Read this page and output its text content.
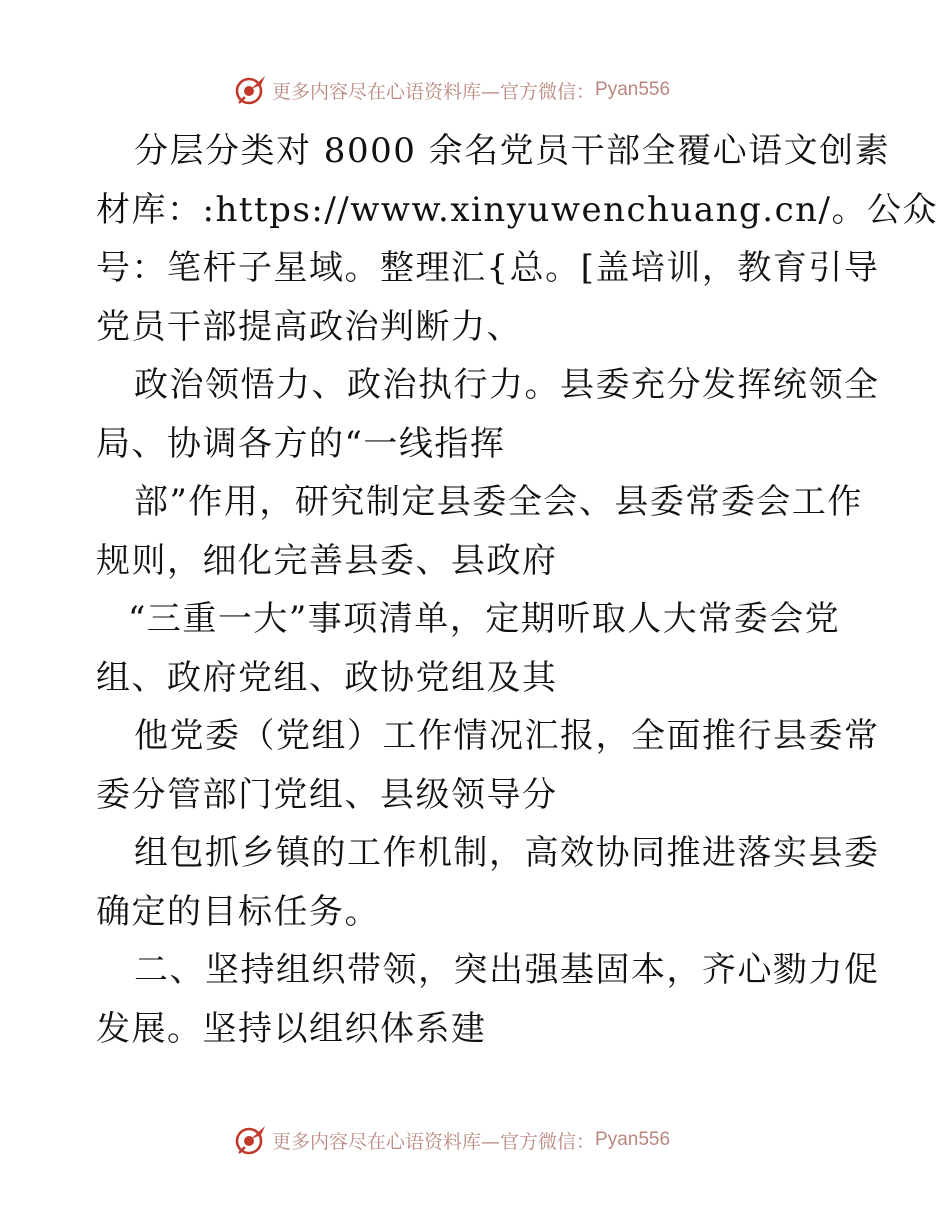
更多内容尽在心语资料库—官方微信： Pyan556
分层分类对 8000 余名党员干部全覆心语文创素
材库：:https://www.xinyuwenchuang.cn/。公众
号：笔杆子星域。整理汇{总。[盖培训，教育引导
党员干部提高政治判断力、
政治领悟力、政治执行力。县委充分发挥统领全
局、协调各方的“一线指挥
部”作用，研究制定县委全会、县委常委会工作
规则，细化完善县委、县政府
“三重一大”事项清单，定期听取人大常委会党
组、政府党组、政协党组及其
他党委（党组）工作情况汇报，全面推行县委常
委分管部门党组、县级领导分
组包抓乡镇的工作机制，高效协同推进落实县委
确定的目标任务。
二、坚持组织带领，突出强基固本，齐心勠力促
发展。坚持以组织体系建
更多内容尽在心语资料库—官方微信： Pyan556
